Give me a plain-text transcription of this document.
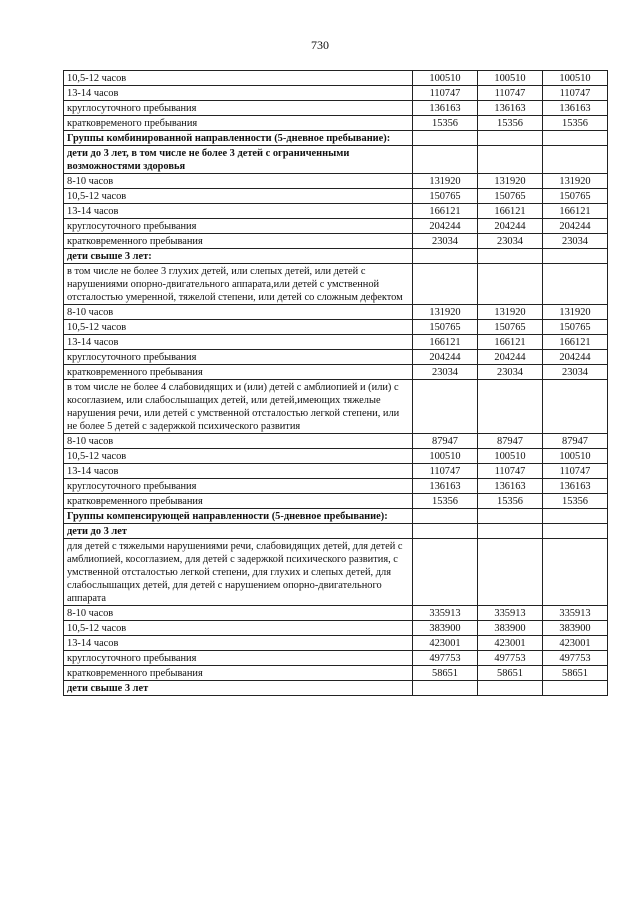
730
10,5-12 часов	100510	100510	100510
13-14 часов	110747	110747	110747
круглосуточного пребывания	136163	136163	136163
кратковременого пребывания	15356	15356	15356
Группы комбинированной направленности (5-дневное пребывание):			
дети до 3 лет, в том числе не более 3 детей с ограниченными возможностями здоровья			
8-10 часов	131920	131920	131920
10,5-12 часов	150765	150765	150765
13-14 часов	166121	166121	166121
круглосуточного пребывания	204244	204244	204244
кратковременного пребывания	23034	23034	23034
дети свыше 3 лет:			
в том числе не более 3 глухих детей, или слепых детей, или детей с нарушениями опорно-двигательного аппарата,или детей с умственной отсталостью умеренной, тяжелой степени, или детей со сложным дефектом			
8-10 часов	131920	131920	131920
10,5-12 часов	150765	150765	150765
13-14 часов	166121	166121	166121
круглосуточного пребывания	204244	204244	204244
кратковременного пребывания	23034	23034	23034
в том числе не более 4 слабовидящих и (или) детей с амблиопией и (или) с косоглазием, или слабослышащих детей, или детей,имеющих тяжелые нарушения речи, или детей с умственной отсталостью легкой степени, или не более 5 детей с задержкой психического развития			
8-10 часов	87947	87947	87947
10,5-12 часов	100510	100510	100510
13-14 часов	110747	110747	110747
круглосуточного пребывания	136163	136163	136163
кратковременного пребывания	15356	15356	15356
Группы компенсирующей направленности (5-дневное пребывание):			
дети до 3 лет			
для детей с тяжелыми нарушениями речи, слабовидящих детей, для детей с амблиопией, косоглазием, для детей с задержкой психического развития, с умственной отсталостью легкой степени, для глухих и слепых детей, для слабослышащих детей, для детей с нарушением опорно-двигательного аппарата			
8-10 часов	335913	335913	335913
10,5-12 часов	383900	383900	383900
13-14 часов	423001	423001	423001
круглосуточного пребывания	497753	497753	497753
кратковременного пребывания	58651	58651	58651
дети свыше 3 лет			
